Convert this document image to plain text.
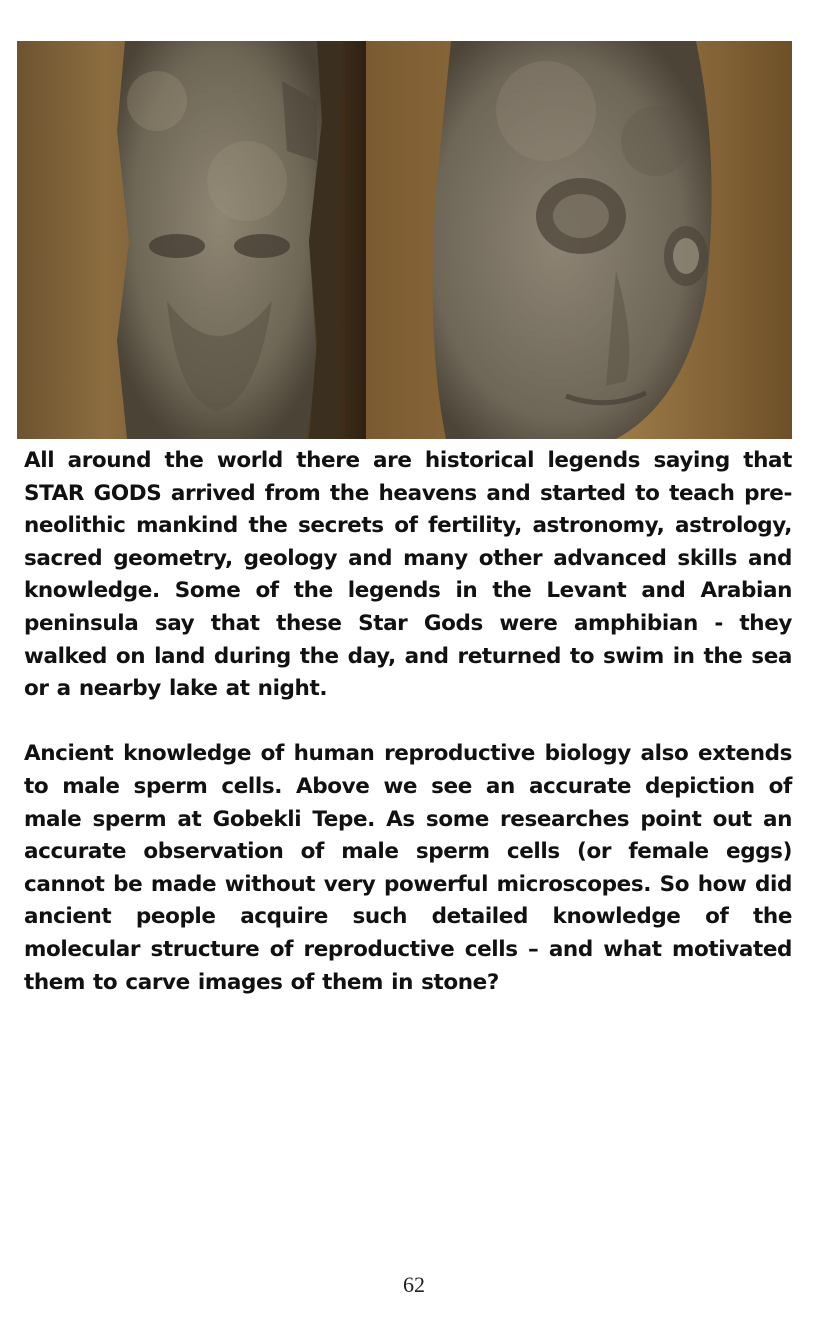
All around the world there are historical legends saying that STAR GODS arrived from the heavens and started to teach pre-neolithic mankind the secrets of fertility, astronomy, astrology, sacred geometry, geology and many other advanced skills and knowledge. Some of the legends in the Levant and Arabian peninsula say that these Star Gods were amphibian - they walked on land during the day, and returned to swim in the sea or a nearby lake at night.

Ancient knowledge of human reproductive biology also extends to male sperm cells. Above we see an accurate depiction of male sperm at Gobekli Tepe. As some researches point out an accurate observation of male sperm cells (or female eggs) cannot be made without very powerful microscopes. So how did ancient people acquire such detailed knowledge of the molecular structure of reproductive cells – and what motivated them to carve images of them in stone?

62
